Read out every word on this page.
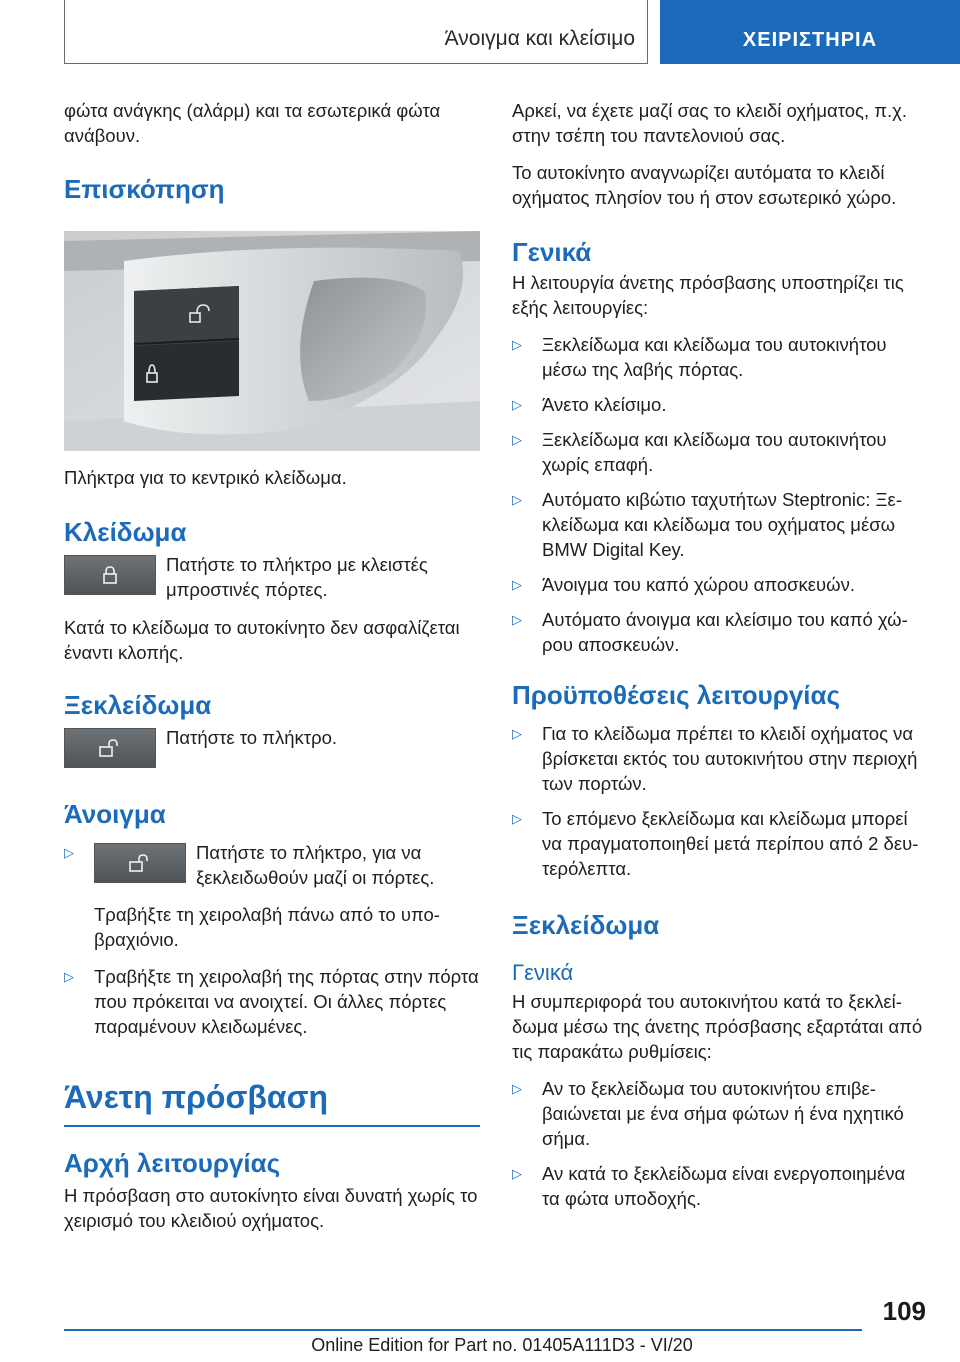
Άνοιγμα και κλείσιμο	ΧΕΙΡΙΣΤΗΡΙΑ

φώτα ανάγκης (αλάρμ) και τα εσωτερικά φώτα ανάβουν.

Επισκόπηση

Πλήκτρα για το κεντρικό κλείδωμα.

Κλείδωμα

Πατήστε το πλήκτρο με κλειστές μπροστινές πόρτες.

Κατά το κλείδωμα το αυτοκίνητο δεν ασφαλίζεται έναντι κλοπής.

Ξεκλείδωμα

Πατήστε το πλήκτρο.

Άνοιγμα
▷	Πατήστε το πλήκτρο, για να ξεκλειδωθούν μαζί οι πόρτες.
Τραβήξτε τη χειρολαβή πάνω από το υποβραχιόνιο.
▷	Τραβήξτε τη χειρολαβή της πόρτας στην πόρτα που πρόκειται να ανοιχτεί. Οι άλλες πόρτες παραμένουν κλειδωμένες.
Άνετη πρόσβαση
Αρχή λειτουργίας

Η πρόσβαση στο αυτοκίνητο είναι δυνατή χωρίς το χειρισμό του κλειδιού οχήματος.

Αρκεί, να έχετε μαζί σας το κλειδί οχήματος, π.χ. στην τσέπη του παντελονιού σας.

Το αυτοκίνητο αναγνωρίζει αυτόματα το κλειδί οχήματος πλησίον του ή στον εσωτερικό χώρο.

Γενικά

Η λειτουργία άνετης πρόσβασης υποστηρίζει τις εξής λειτουργίες:

▷	Ξεκλείδωμα και κλείδωμα του αυτοκινήτου μέσω της λαβής πόρτας.
▷	Άνετο κλείσιμο.
▷	Ξεκλείδωμα και κλείδωμα του αυτοκινήτου χωρίς επαφή.
▷	Αυτόματο κιβώτιο ταχυτήτων Steptronic: Ξεκλείδωμα και κλείδωμα του οχήματος μέσω BMW Digital Key.
▷	Άνοιγμα του καπό χώρου αποσκευών.
▷	Αυτόματο άνοιγμα και κλείσιμο του καπό χώρου αποσκευών.
Προϋποθέσεις λειτουργίας
▷	Για το κλείδωμα πρέπει το κλειδί οχήματος να βρίσκεται εκτός του αυτοκινήτου στην περιοχή των πορτών.
▷	Το επόμενο ξεκλείδωμα και κλείδωμα μπορεί να πραγματοποιηθεί μετά περίπου από 2 δευτερόλεπτα.
Ξεκλείδωμα
Γενικά

Η συμπεριφορά του αυτοκινήτου κατά το ξεκλείδωμα μέσω της άνετης πρόσβασης εξαρτάται από τις παρακάτω ρυθμίσεις:

▷	Αν το ξεκλείδωμα του αυτοκινήτου επιβεβαιώνεται με ένα σήμα φώτων ή ένα ηχητικό σήμα.
▷	Αν κατά το ξεκλείδωμα είναι ενεργοποιημένα τα φώτα υποδοχής.
109
Online Edition for Part no. 01405A111D3 - VI/20
